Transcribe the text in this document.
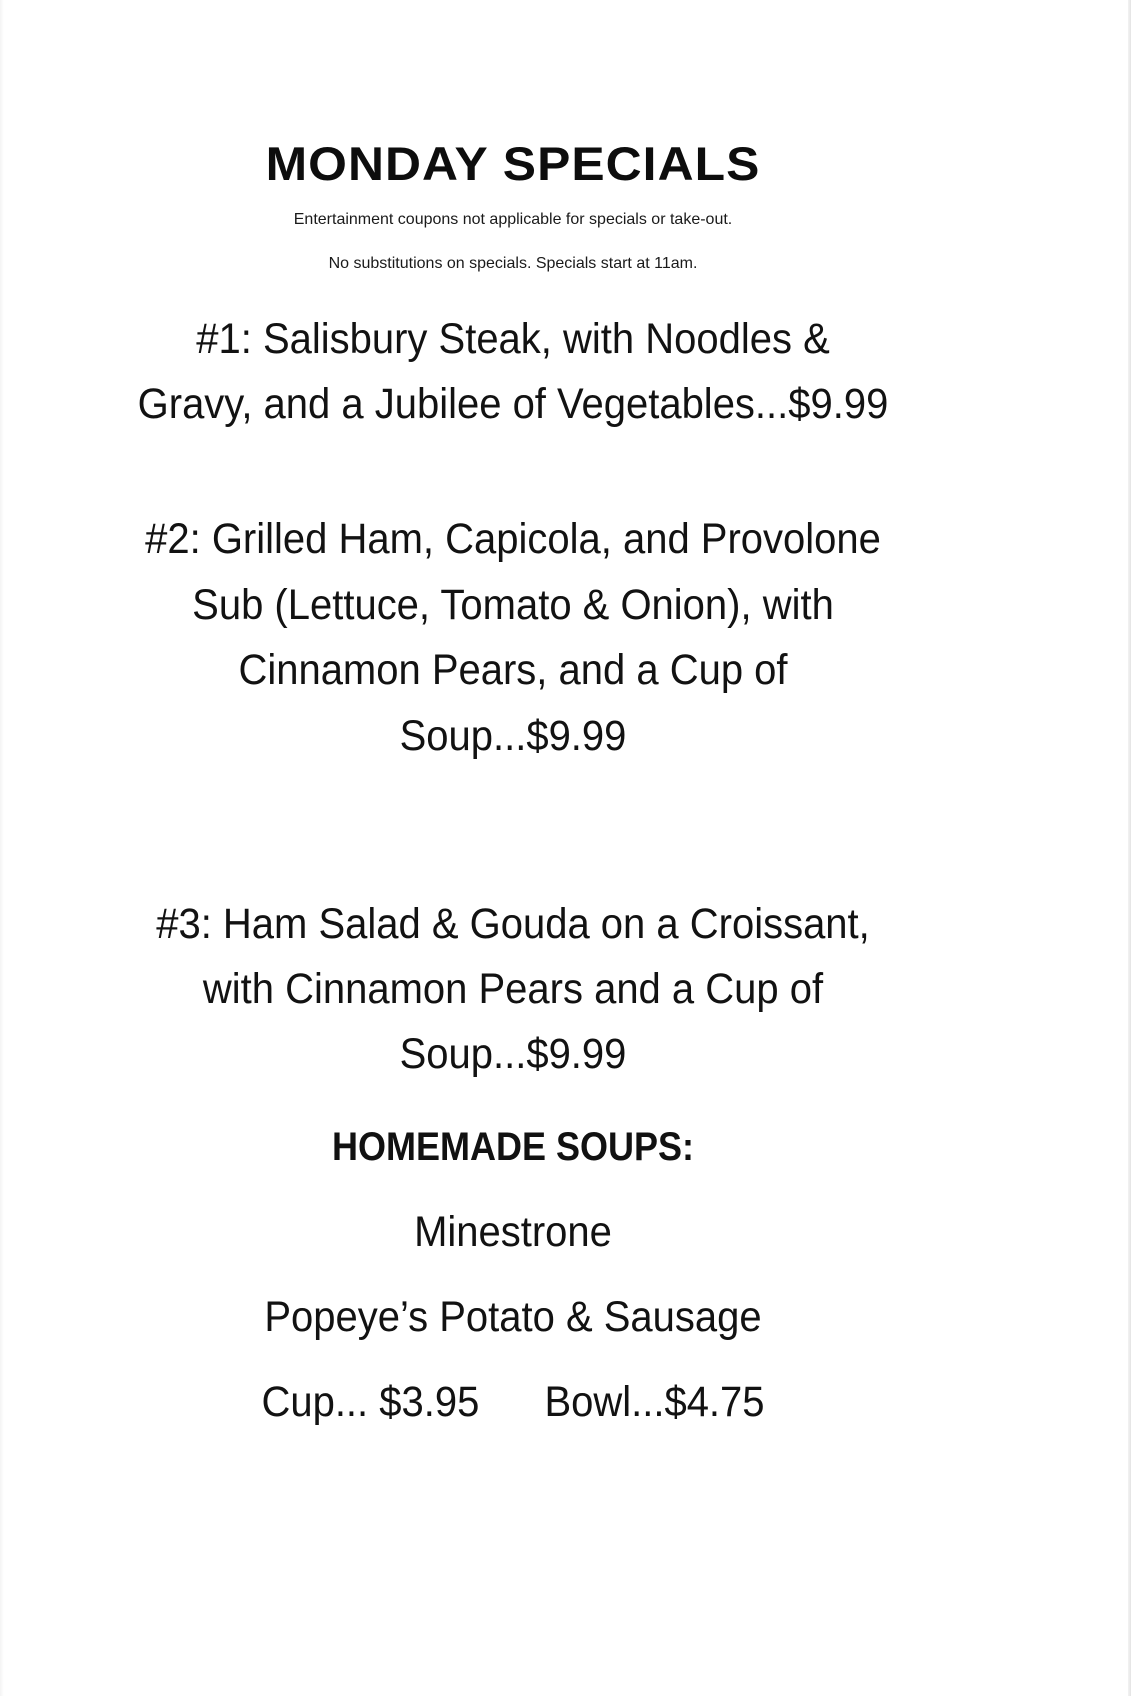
MONDAY SPECIALS
Entertainment coupons not applicable for specials or take-out.
No substitutions on specials. Specials start at 11am.
#1: Salisbury Steak, with Noodles &
Gravy, and a Jubilee of Vegetables...$9.99
#2: Grilled Ham, Capicola, and Provolone
Sub (Lettuce, Tomato & Onion), with
Cinnamon Pears, and a Cup of
Soup...$9.99
#3: Ham Salad & Gouda on a Croissant,
with Cinnamon Pears and a Cup of
Soup...$9.99
HOMEMADE SOUPS:
Minestrone
Popeye’s Potato & Sausage
Cup... $3.95 Bowl...$4.75
